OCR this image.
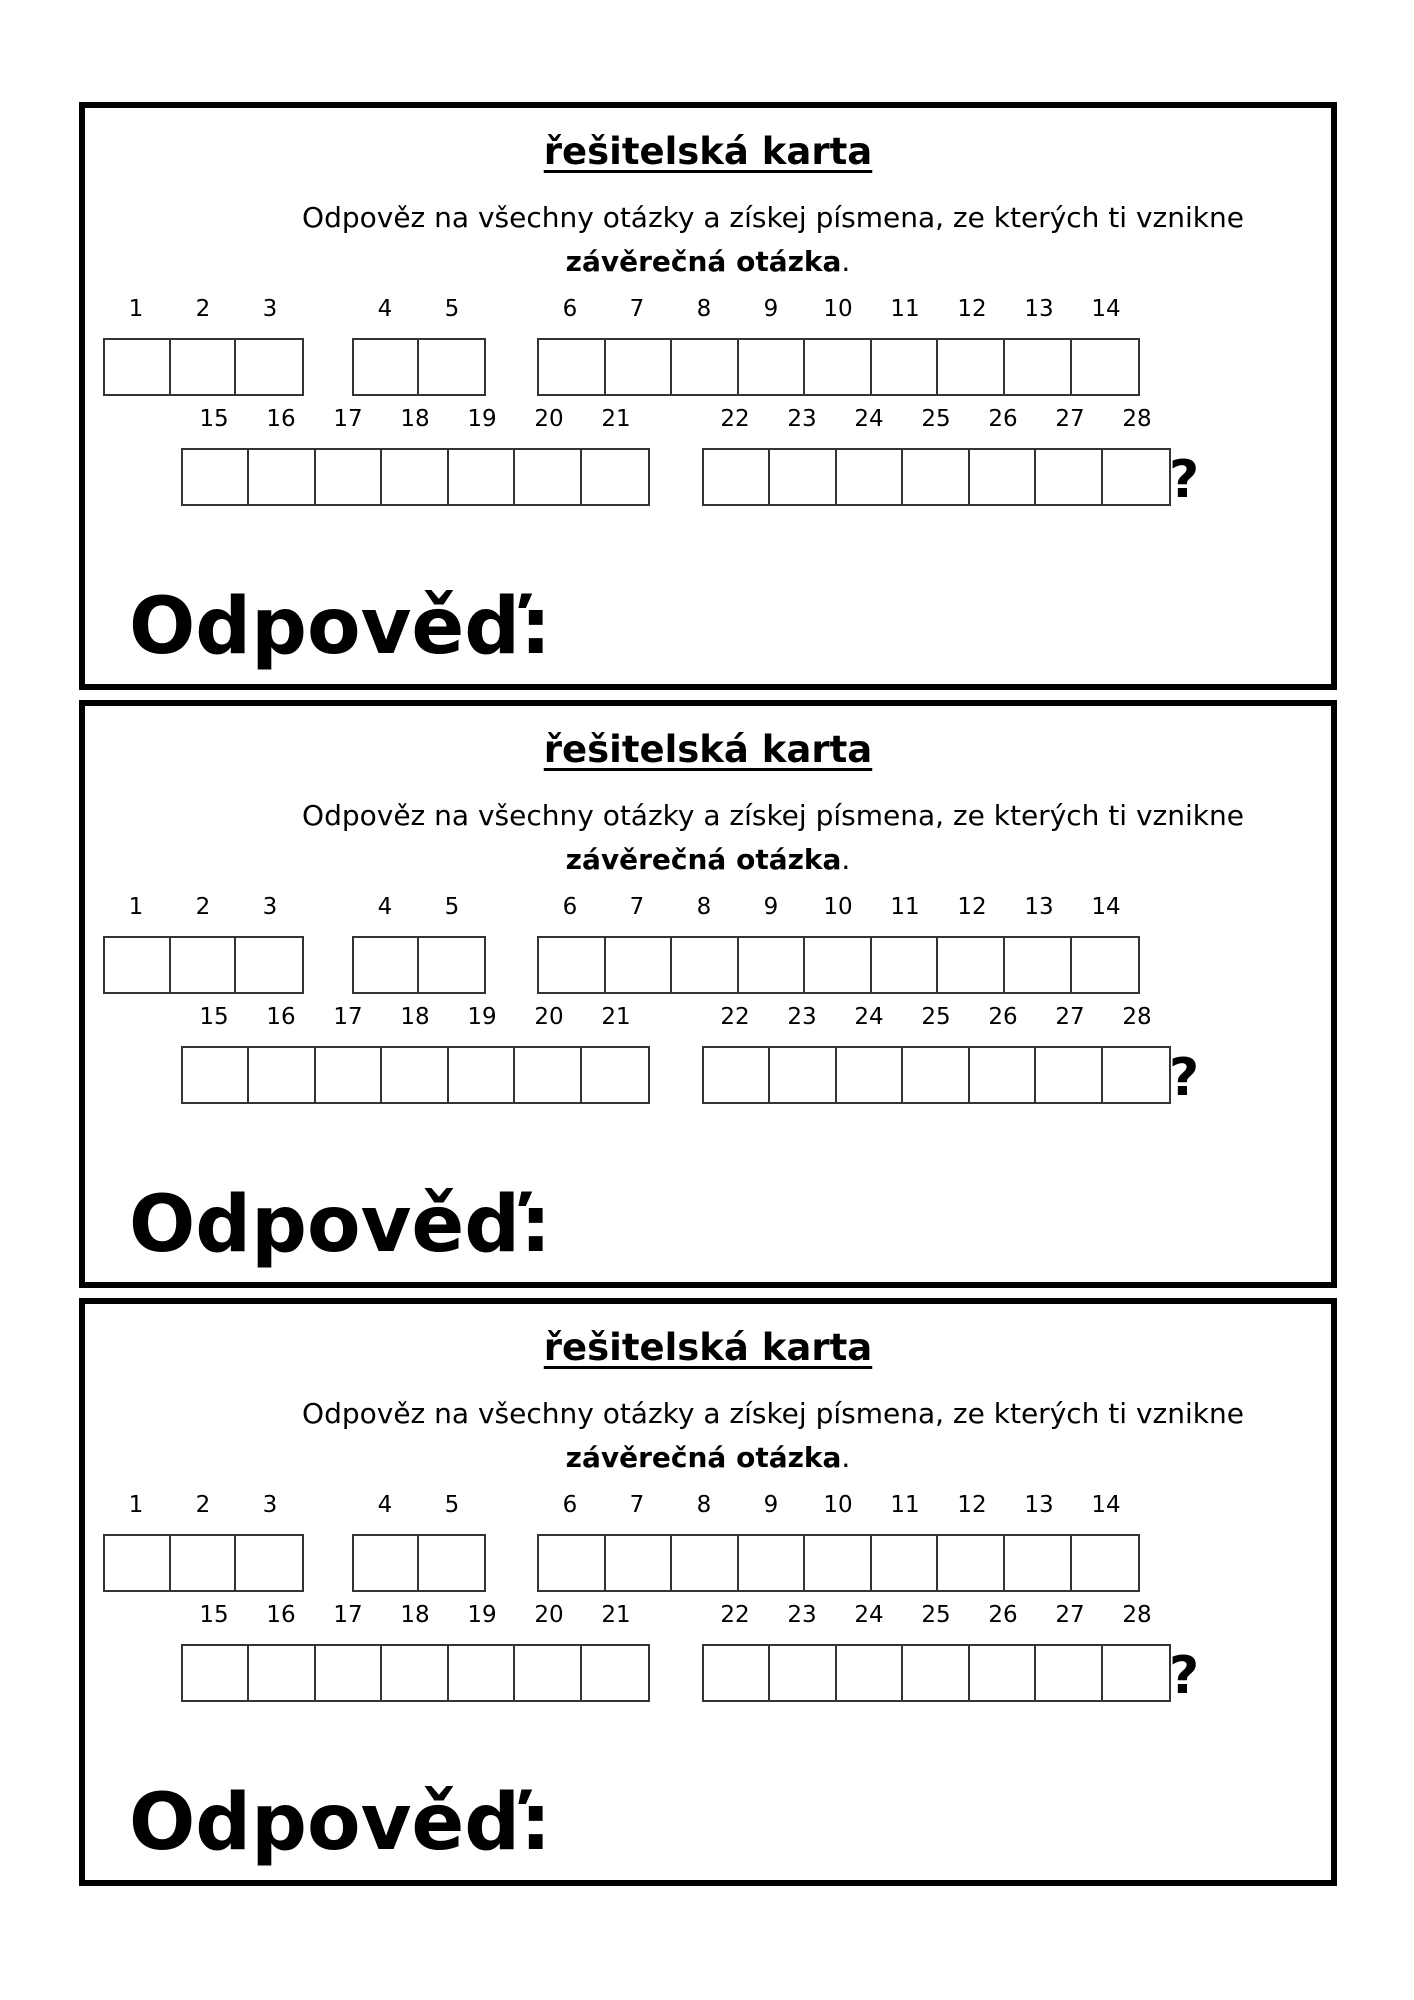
řešitelská karta

Odpověz na všechny otázky a získej písmena, ze kterých ti vznikne
závěrečná otázka.

1	2	3	4	5	6	7	8	9	10	11	12	13	14
15	16	17	18	19	20	21	22	23	24	25	26	27	28
?

Odpověď:

řešitelská karta

Odpověz na všechny otázky a získej písmena, ze kterých ti vznikne
závěrečná otázka.

1	2	3	4	5	6	7	8	9	10	11	12	13	14
15	16	17	18	19	20	21	22	23	24	25	26	27	28
?

Odpověď:

řešitelská karta

Odpověz na všechny otázky a získej písmena, ze kterých ti vznikne
závěrečná otázka.

1	2	3	4	5	6	7	8	9	10	11	12	13	14
15	16	17	18	19	20	21	22	23	24	25	26	27	28
?

Odpověď:
